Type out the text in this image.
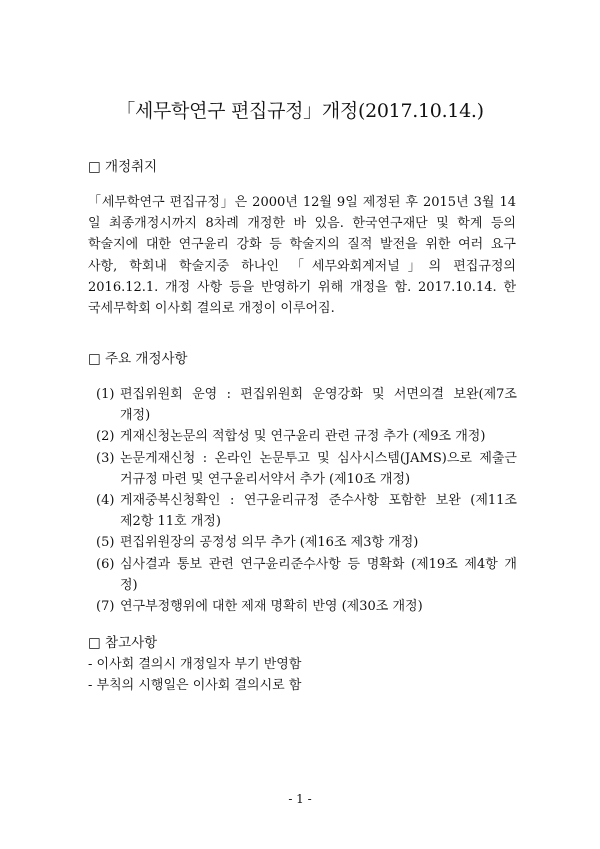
「세무학연구 편집규정」개정(2017.10.14.)
□ 개정취지
「세무학연구 편집규정」은 2000년 12월 9일 제정된 후 2015년 3월 14
일 최종개정시까지 8차례 개정한 바 있음. 한국연구재단 및 학계 등의
학술지에 대한 연구윤리 강화 등 학술지의 질적 발전을 위한 여러 요구
사항, 학회내 학술지중 하나인 「세무와회계저널」의 편집규정의
2016.12.1. 개정 사항 등을 반영하기 위해 개정을 함. 2017.10.14. 한
국세무학회 이사회 결의로 개정이 이루어짐.
□ 주요 개정사항
(1) 편집위원회 운영 : 편집위원회 운영강화 및 서면의결 보완(제7조
개정)
(2) 게재신청논문의 적합성 및 연구윤리 관련 규정 추가 (제9조 개정)
(3) 논문게재신청 : 온라인 논문투고 및 심사시스템(JAMS)으로 제출근
거규정 마련 및 연구윤리서약서 추가 (제10조 개정)
(4) 게재중복신청확인 : 연구윤리규정 준수사항 포함한 보완 (제11조
제2항 11호 개정)
(5) 편집위원장의 공정성 의무 추가 (제16조 제3항 개정)
(6) 심사결과 통보 관련 연구윤리준수사항 등 명확화 (제19조 제4항 개
정)
(7) 연구부정행위에 대한 제재 명확히 반영 (제30조 개정)
□ 참고사항
- 이사회 결의시 개정일자 부기 반영함
- 부칙의 시행일은 이사회 결의시로 함
- 1 -
